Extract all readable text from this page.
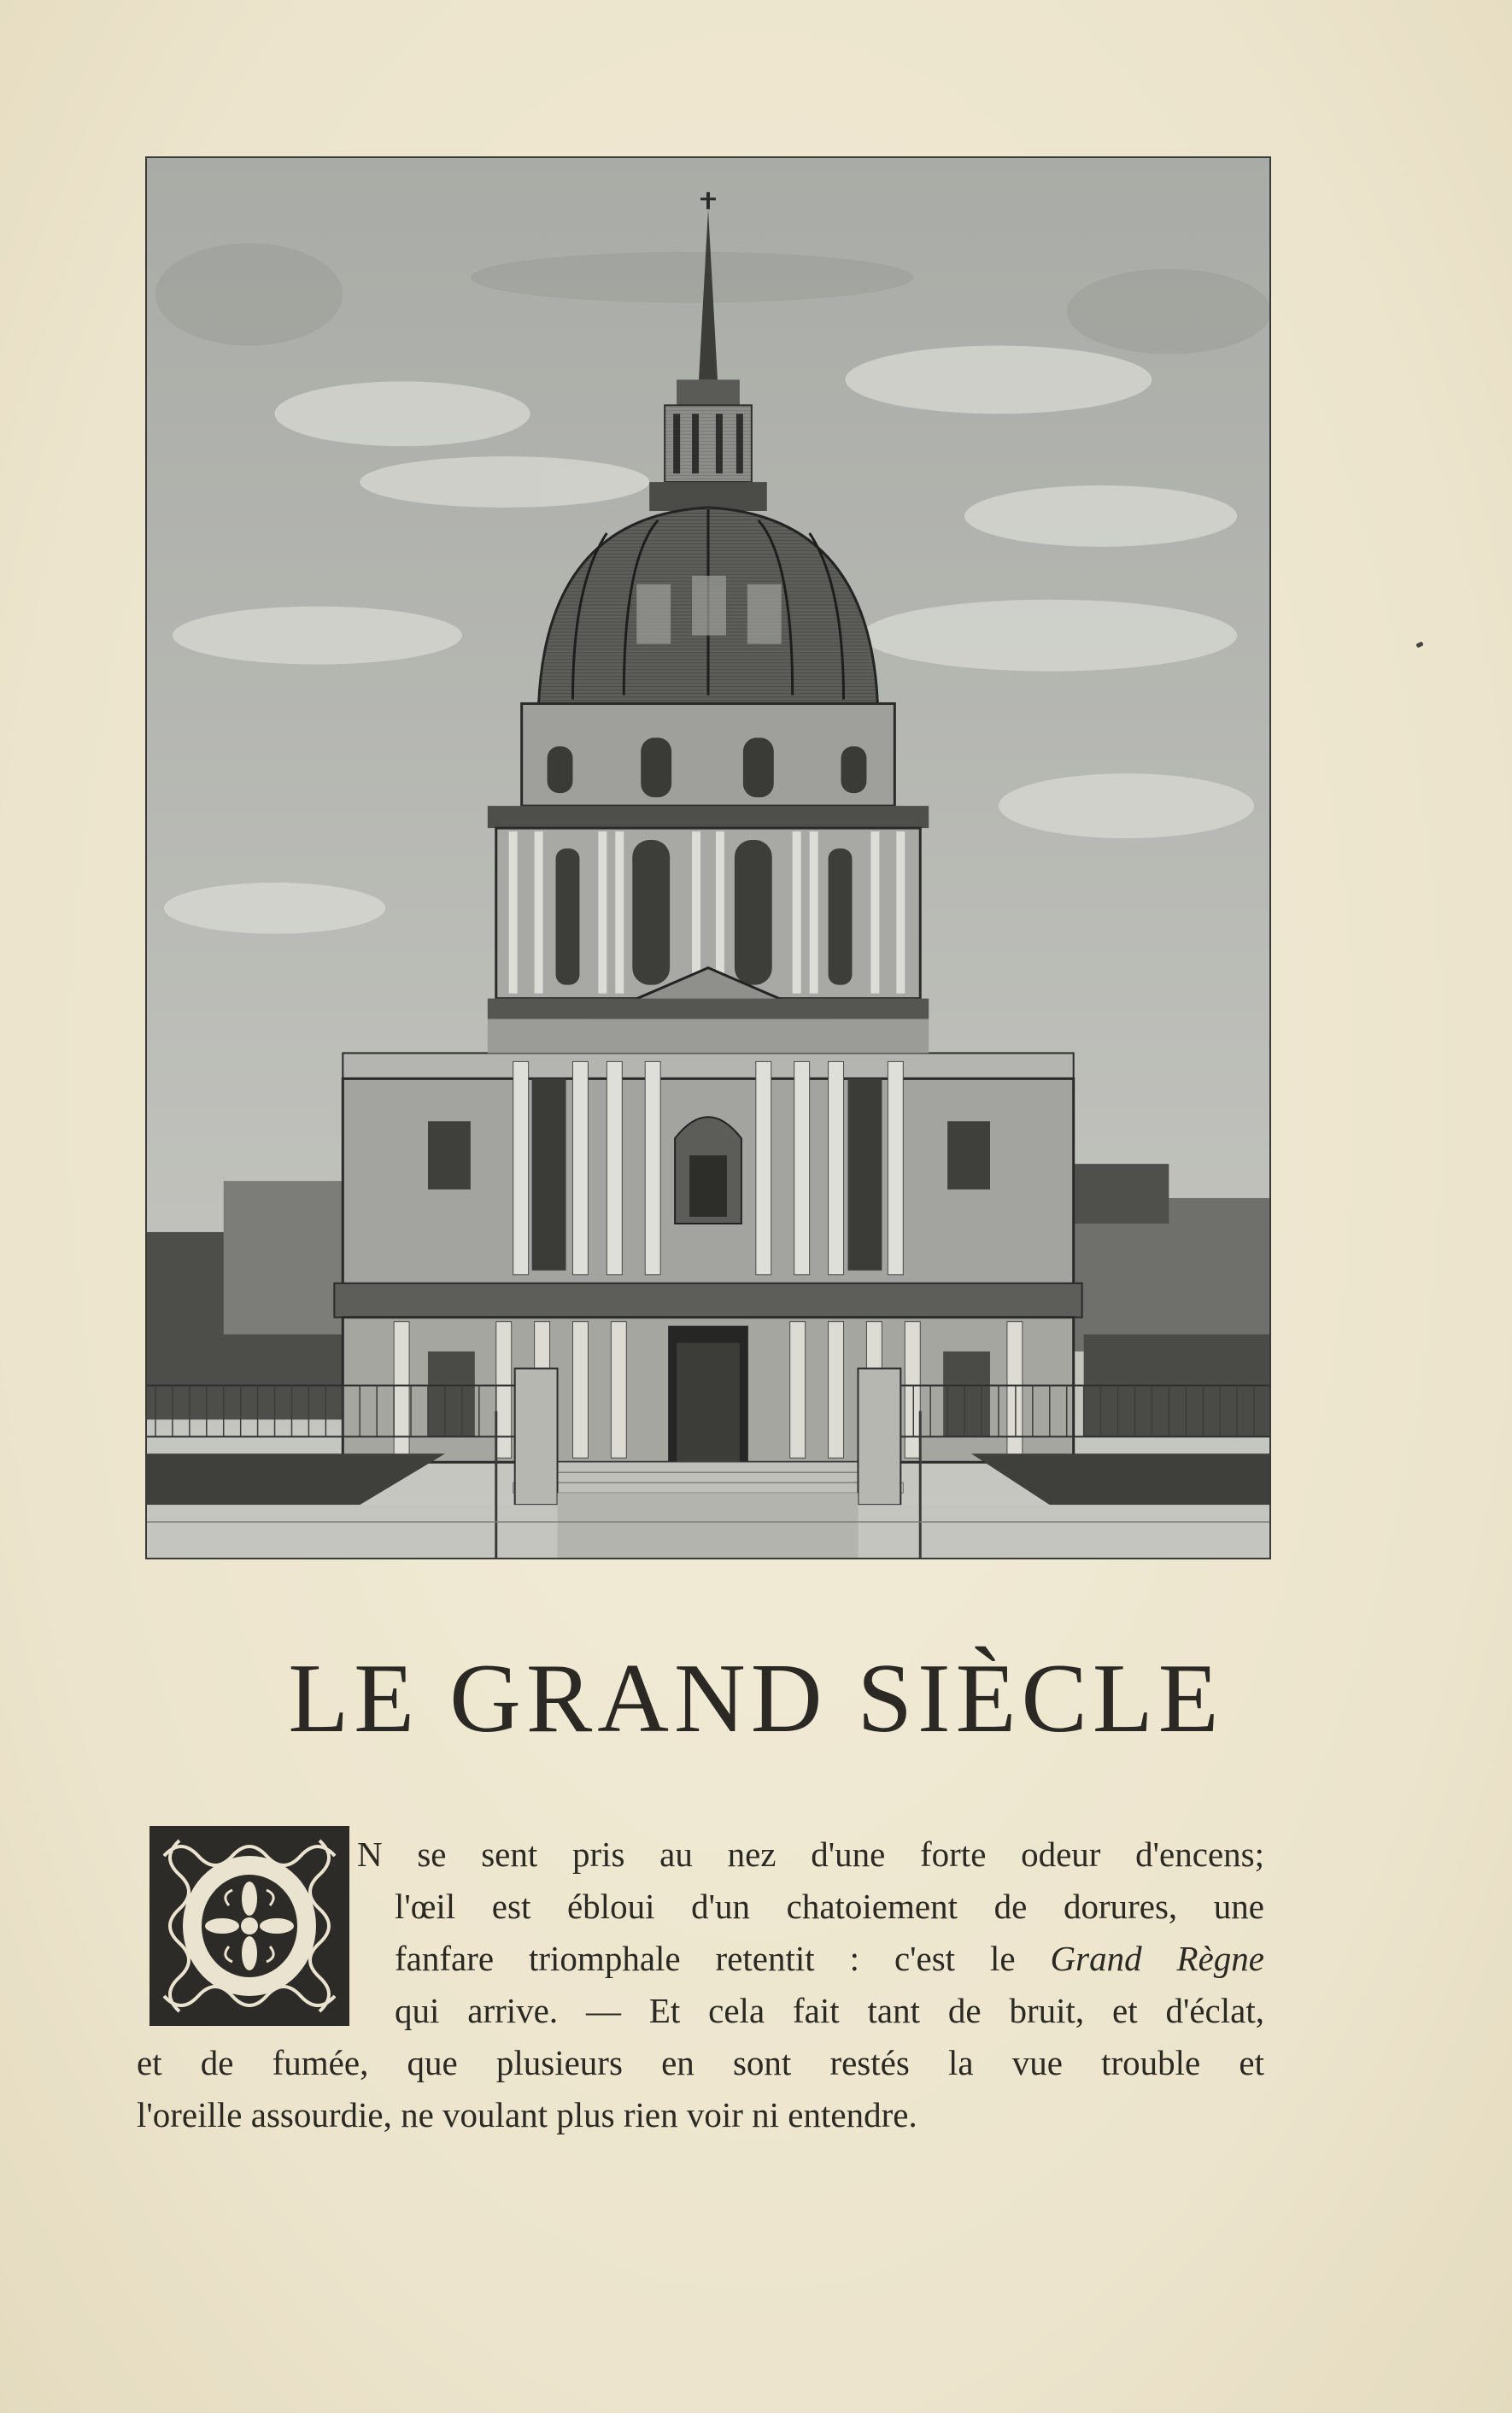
LE GRAND SIÈCLE
N se sent pris au nez d'une forte odeur d'encens;
l'œil est ébloui d'un chatoiement de dorures, une
fanfare triomphale retentit : c'est le Grand Règne
qui arrive. — Et cela fait tant de bruit, et d'éclat,
et de fumée, que plusieurs en sont restés la vue trouble et
l'oreille assourdie, ne voulant plus rien voir ni entendre.
